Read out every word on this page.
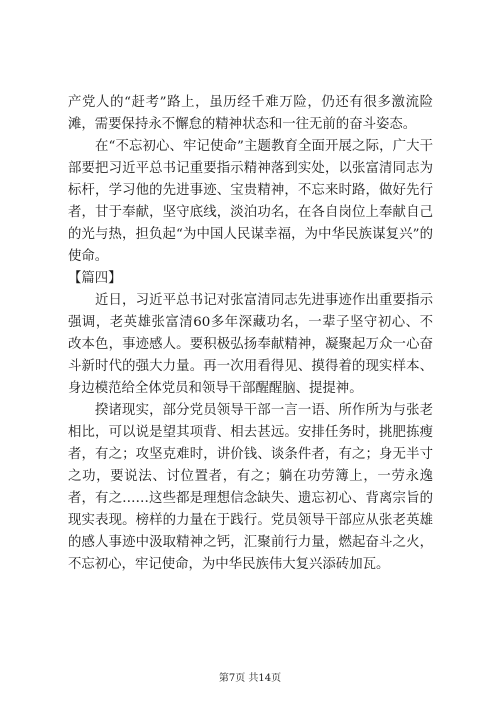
产党人的“赶考”路上，虽历经千难万险，仍还有很多激流险滩，需要保持永不懈怠的精神状态和一往无前的奋斗姿态。

在“不忘初心、牢记使命”主题教育全面开展之际，广大干部要把习近平总书记重要指示精神落到实处，以张富清同志为标杆，学习他的先进事迹、宝贵精神，不忘来时路，做好先行者，甘于奉献，坚守底线，淡泊功名，在各自岗位上奉献自己的光与热，担负起“为中国人民谋幸福，为中华民族谋复兴”的使命。

【篇四】

近日，习近平总书记对张富清同志先进事迹作出重要指示强调，老英雄张富清60多年深藏功名，一辈子坚守初心、不改本色，事迹感人。要积极弘扬奉献精神，凝聚起万众一心奋斗新时代的强大力量。再一次用看得见、摸得着的现实样本、身边模范给全体党员和领导干部醒醒脑、提提神。

揆诸现实，部分党员领导干部一言一语、所作所为与张老相比，可以说是望其项背、相去甚远。安排任务时，挑肥拣瘦者，有之；攻坚克难时，讲价钱、谈条件者，有之；身无半寸之功，要说法、讨位置者，有之；躺在功劳簿上，一劳永逸者，有之……这些都是理想信念缺失、遗忘初心、背离宗旨的现实表现。榜样的力量在于践行。党员领导干部应从张老英雄的感人事迹中汲取精神之钙，汇聚前行力量，燃起奋斗之火，不忘初心，牢记使命，为中华民族伟大复兴添砖加瓦。

第7页 共14页
